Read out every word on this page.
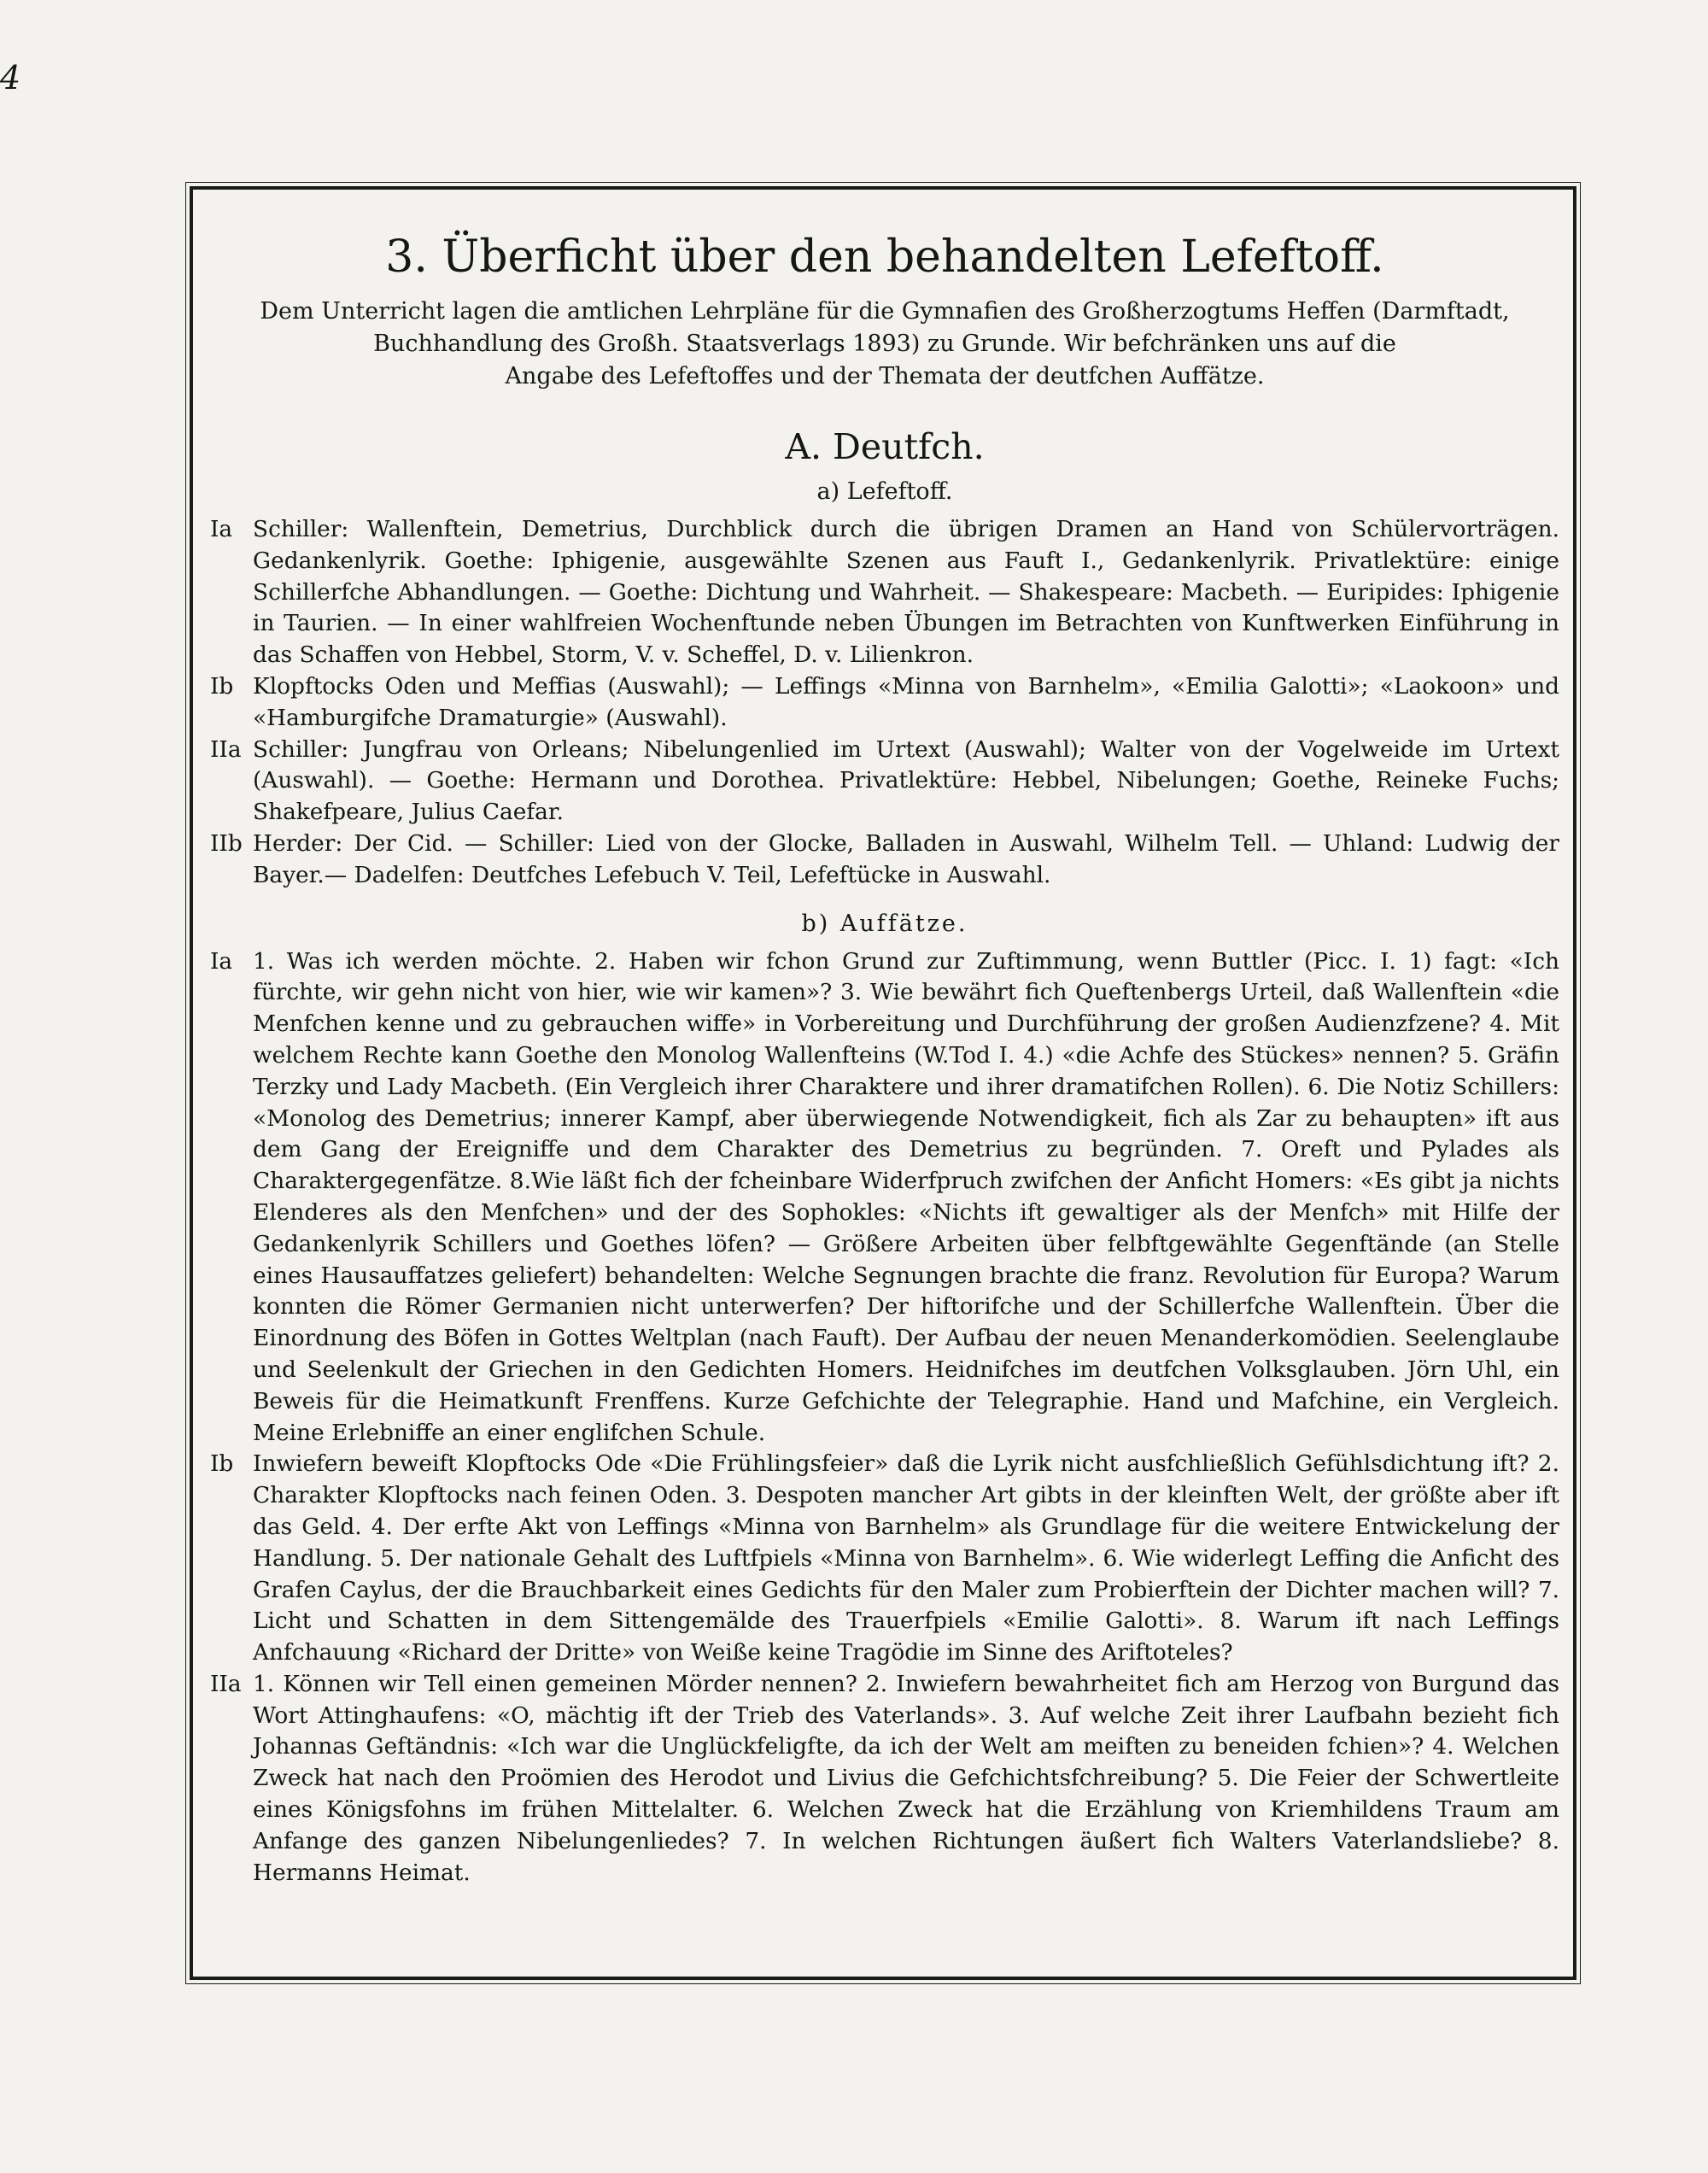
4
3. Überficht über den behandelten Lefeftoff.

Dem Unterricht lagen die amtlichen Lehrpläne für die Gymnafien des Großherzogtums Heffen (Darmftadt,

Buchhandlung des Großh. Staatsverlags 1893) zu Grunde. Wir befchränken uns auf die

Angabe des Lefeftoffes und der Themata der deutfchen Auffätze.

A. Deutfch.
a) Lefeftoff.
Ia Schiller: Wallenftein, Demetrius, Durchblick durch die übrigen Dramen an Hand von Schülervorträgen. Gedankenlyrik. Goethe: Iphigenie, ausgewählte Szenen aus Fauft I., Gedankenlyrik. Privatlektüre: einige Schillerfche Abhandlungen. — Goethe: Dichtung und Wahrheit. — Shakespeare: Macbeth. — Euripides: Iphigenie in Taurien. — In einer wahlfreien Wochenftunde neben Übungen im Betrachten von Kunftwerken Einführung in das Schaffen von Hebbel, Storm, V. v. Scheffel, D. v. Lilienkron.

Ib Klopftocks Oden und Meffias (Auswahl); — Leffings «Minna von Barnhelm», «Emilia Galotti»; «Laokoon» und «Hamburgifche Dramaturgie» (Auswahl).

IIa Schiller: Jungfrau von Orleans; Nibelungenlied im Urtext (Auswahl); Walter von der Vogelweide im Urtext (Auswahl). — Goethe: Hermann und Dorothea. Privatlektüre: Hebbel, Nibelungen; Goethe, Reineke Fuchs; Shakefpeare, Julius Caefar.

IIb Herder: Der Cid. — Schiller: Lied von der Glocke, Balladen in Auswahl, Wilhelm Tell. — Uhland: Ludwig der Bayer.— Dadelfen: Deutfches Lefebuch V. Teil, Lefeftücke in Auswahl.

b) Auffätze.
Ia 1. Was ich werden möchte. 2. Haben wir fchon Grund zur Zuftimmung, wenn Buttler (Picc. I. 1) fagt: «Ich fürchte, wir gehn nicht von hier, wie wir kamen»? 3. Wie bewährt fich Queftenbergs Urteil, daß Wallenftein «die Menfchen kenne und zu gebrauchen wiffe» in Vorbereitung und Durchführung der großen Audienzfzene? 4. Mit welchem Rechte kann Goethe den Monolog Wallenfteins (W.Tod I. 4.) «die Achfe des Stückes» nennen? 5. Gräfin Terzky und Lady Macbeth. (Ein Vergleich ihrer Charaktere und ihrer dramatifchen Rollen). 6. Die Notiz Schillers: «Monolog des Demetrius; innerer Kampf, aber überwiegende Notwendigkeit, fich als Zar zu behaupten» ift aus dem Gang der Ereigniffe und dem Charakter des Demetrius zu begründen. 7. Oreft und Pylades als Charaktergegenfätze. 8.Wie läßt fich der fcheinbare Widerfpruch zwifchen der Anficht Homers: «Es gibt ja nichts Elenderes als den Menfchen» und der des Sophokles: «Nichts ift gewaltiger als der Menfch» mit Hilfe der Gedankenlyrik Schillers und Goethes löfen? — Größere Arbeiten über felbftgewählte Gegenftände (an Stelle eines Hausauffatzes geliefert) behandelten: Welche Segnungen brachte die franz. Revolution für Europa? Warum konnten die Römer Germanien nicht unterwerfen? Der hiftorifche und der Schillerfche Wallenftein. Über die Einordnung des Böfen in Gottes Weltplan (nach Fauft). Der Aufbau der neuen Menanderkomödien. Seelenglaube und Seelenkult der Griechen in den Gedichten Homers. Heidnifches im deutfchen Volksglauben. Jörn Uhl, ein Beweis für die Heimatkunft Frenffens. Kurze Gefchichte der Telegraphie. Hand und Mafchine, ein Vergleich. Meine Erlebniffe an einer englifchen Schule.

Ib Inwiefern beweift Klopftocks Ode «Die Frühlingsfeier» daß die Lyrik nicht ausfchließlich Gefühlsdichtung ift? 2. Charakter Klopftocks nach feinen Oden. 3. Despoten mancher Art gibts in der kleinften Welt, der größte aber ift das Geld. 4. Der erfte Akt von Leffings «Minna von Barnhelm» als Grundlage für die weitere Entwickelung der Handlung. 5. Der nationale Gehalt des Luftfpiels «Minna von Barnhelm». 6. Wie widerlegt Leffing die Anficht des Grafen Caylus, der die Brauchbarkeit eines Gedichts für den Maler zum Probierftein der Dichter machen will? 7. Licht und Schatten in dem Sittengemälde des Trauerfpiels «Emilie Galotti». 8. Warum ift nach Leffings Anfchauung «Richard der Dritte» von Weiße keine Tragödie im Sinne des Ariftoteles?

IIa 1. Können wir Tell einen gemeinen Mörder nennen? 2. Inwiefern bewahrheitet fich am Herzog von Burgund das Wort Attinghaufens: «O, mächtig ift der Trieb des Vaterlands». 3. Auf welche Zeit ihrer Laufbahn bezieht fich Johannas Geftändnis: «Ich war die Unglückfeligfte, da ich der Welt am meiften zu beneiden fchien»? 4. Welchen Zweck hat nach den Proömien des Herodot und Livius die Gefchichtsfchreibung? 5. Die Feier der Schwertleite eines Königsfohns im frühen Mittelalter. 6. Welchen Zweck hat die Erzählung von Kriemhildens Traum am Anfange des ganzen Nibelungenliedes? 7. In welchen Richtungen äußert fich Walters Vaterlandsliebe? 8. Hermanns Heimat.
